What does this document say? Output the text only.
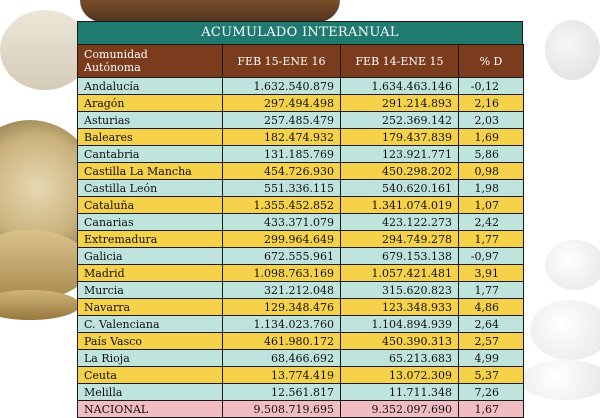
ACUMULADO INTERANUAL
Comunidad
Autónoma	FEB 15-ENE 16	FEB 14-ENE 15	% D
Andalucía	1.632.540.879	1.634.463.146	-0,12
Aragón	297.494.498	291.214.893	2,16
Asturias	257.485.479	252.369.142	2,03
Baleares	182.474.932	179.437.839	1,69
Cantabria	131.185.769	123.921.771	5,86
Castilla La Mancha	454.726.930	450.298.202	0,98
Castilla León	551.336.115	540.620.161	1,98
Cataluña	1.355.452.852	1.341.074.019	1,07
Canarias	433.371.079	423.122.273	2,42
Extremadura	299.964.649	294.749.278	1,77
Galicia	672.555.961	679.153.138	-0,97
Madrid	1.098.763.169	1.057.421.481	3,91
Murcia	321.212.048	315.620.823	1,77
Navarra	129.348.476	123.348.933	4,86
C. Valenciana	1.134.023.760	1.104.894.939	2,64
País Vasco	461.980.172	450.390.313	2,57
La Rioja	68.466.692	65.213.683	4,99
Ceuta	13.774.419	13.072.309	5,37
Melilla	12.561.817	11.711.348	7,26
NACIONAL	9.508.719.695	9.352.097.690	1,67
